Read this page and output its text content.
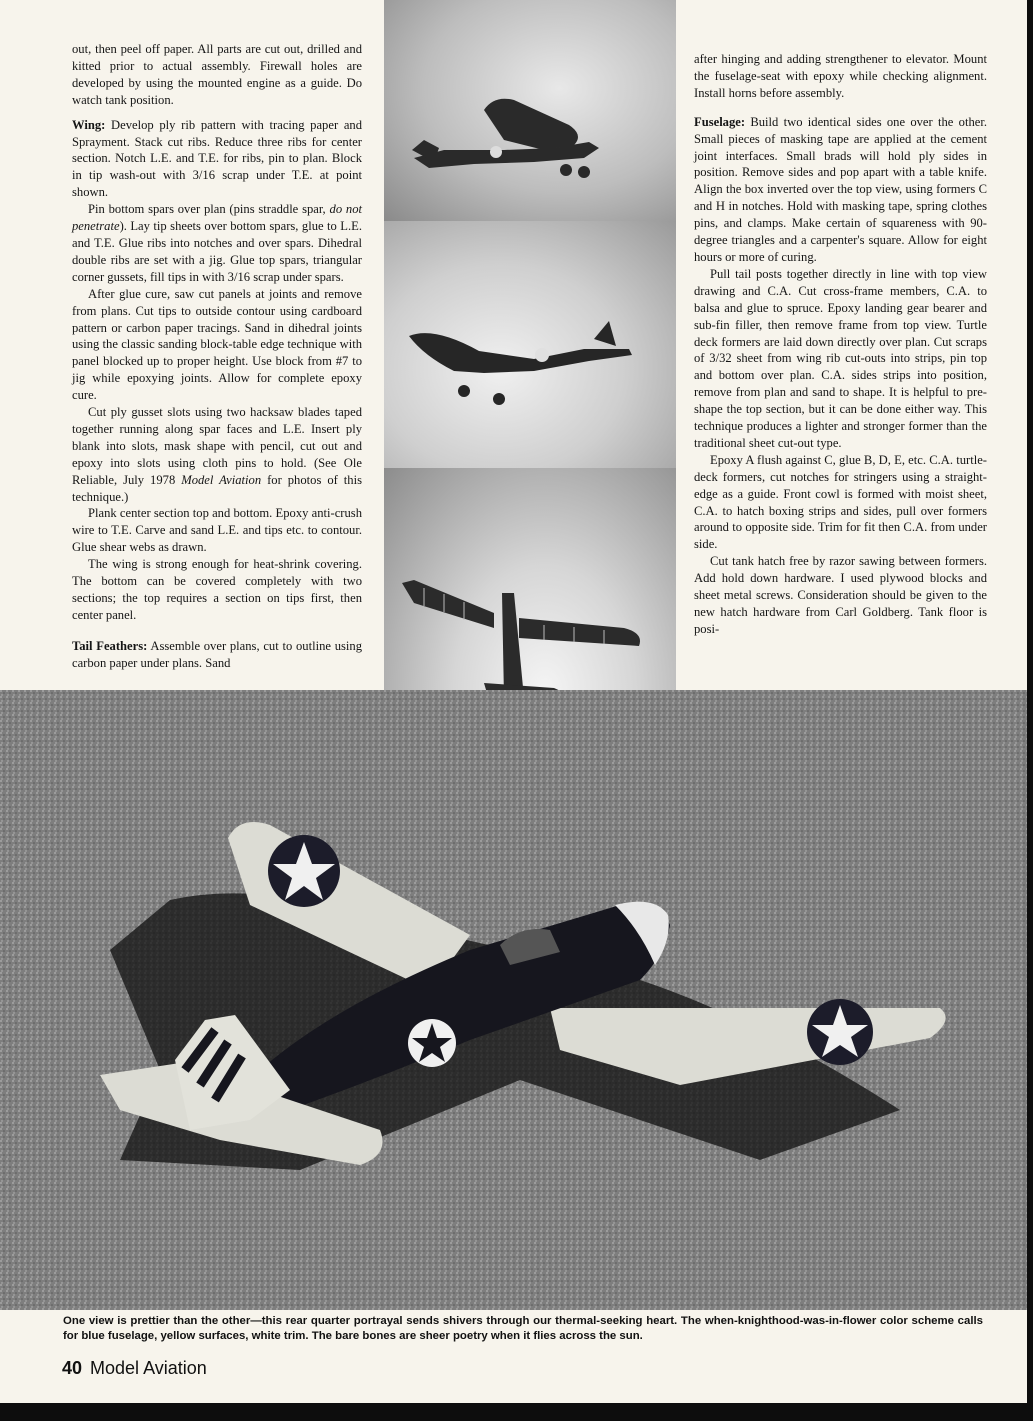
out, then peel off paper. All parts are cut out, drilled and kitted prior to actual assembly. Firewall holes are developed by using the mounted engine as a guide. Do watch tank position.

Wing: Develop ply rib pattern with tracing paper and Sprayment. Stack cut ribs. Reduce three ribs for center section. Notch L.E. and T.E. for ribs, pin to plan. Block in tip wash-out with 3/16 scrap under T.E. at point shown.

Pin bottom spars over plan (pins straddle spar, do not penetrate). Lay tip sheets over bottom spars, glue to L.E. and T.E. Glue ribs into notches and over spars. Dihedral double ribs are set with a jig. Glue top spars, triangular corner gussets, fill tips in with 3/16 scrap under spars.

After glue cure, saw cut panels at joints and remove from plans. Cut tips to outside contour using cardboard pattern or carbon paper tracings. Sand in dihedral joints using the classic sanding block-table edge technique with panel blocked up to proper height. Use block from #7 to jig while epoxying joints. Allow for complete epoxy cure.

Cut ply gusset slots using two hacksaw blades taped together running along spar faces and L.E. Insert ply blank into slots, mask shape with pencil, cut out and epoxy into slots using cloth pins to hold. (See Ole Reliable, July 1978 Model Aviation for photos of this technique.)

Plank center section top and bottom. Epoxy anti-crush wire to T.E. Carve and sand L.E. and tips etc. to contour. Glue shear webs as drawn.

The wing is strong enough for heat-shrink covering. The bottom can be covered completely with two sections; the top requires a section on tips first, then center panel.

Tail Feathers: Assemble over plans, cut to outline using carbon paper under plans. Sand

after hinging and adding strengthener to elevator. Mount the fuselage-seat with epoxy while checking alignment. Install horns before assembly.

Fuselage: Build two identical sides one over the other. Small pieces of masking tape are applied at the cement joint interfaces. Small brads will hold ply sides in position. Remove sides and pop apart with a table knife. Align the box inverted over the top view, using formers C and H in notches. Hold with masking tape, spring clothes pins, and clamps. Make certain of squareness with 90-degree triangles and a carpenter's square. Allow for eight hours or more of curing.

Pull tail posts together directly in line with top view drawing and C.A. Cut cross-frame members, C.A. to balsa and glue to spruce. Epoxy landing gear bearer and sub-fin filler, then remove frame from top view. Turtle deck formers are laid down directly over plan. Cut scraps of 3/32 sheet from wing rib cut-outs into strips, pin top and bottom over plan. C.A. sides strips into position, remove from plan and sand to shape. It is helpful to pre-shape the top section, but it can be done either way. This technique produces a lighter and stronger former than the traditional sheet cut-out type.

Epoxy A flush against C, glue B, D, E, etc. C.A. turtle-deck formers, cut notches for stringers using a straight-edge as a guide. Front cowl is formed with moist sheet, C.A. to hatch boxing strips and sides, pull over formers around to opposite side. Trim for fit then C.A. from under side.

Cut tank hatch free by razor sawing between formers. Add hold down hardware. I used plywood blocks and sheet metal screws. Consideration should be given to the new hatch hardware from Carl Goldberg. Tank floor is posi-

One view is prettier than the other—this rear quarter portrayal sends shivers through our thermal-seeking heart. The when-knighthood-was-in-flower color scheme calls for blue fuselage, yellow surfaces, white trim. The bare bones are sheer poetry when it flies across the sun.
40 Model Aviation
